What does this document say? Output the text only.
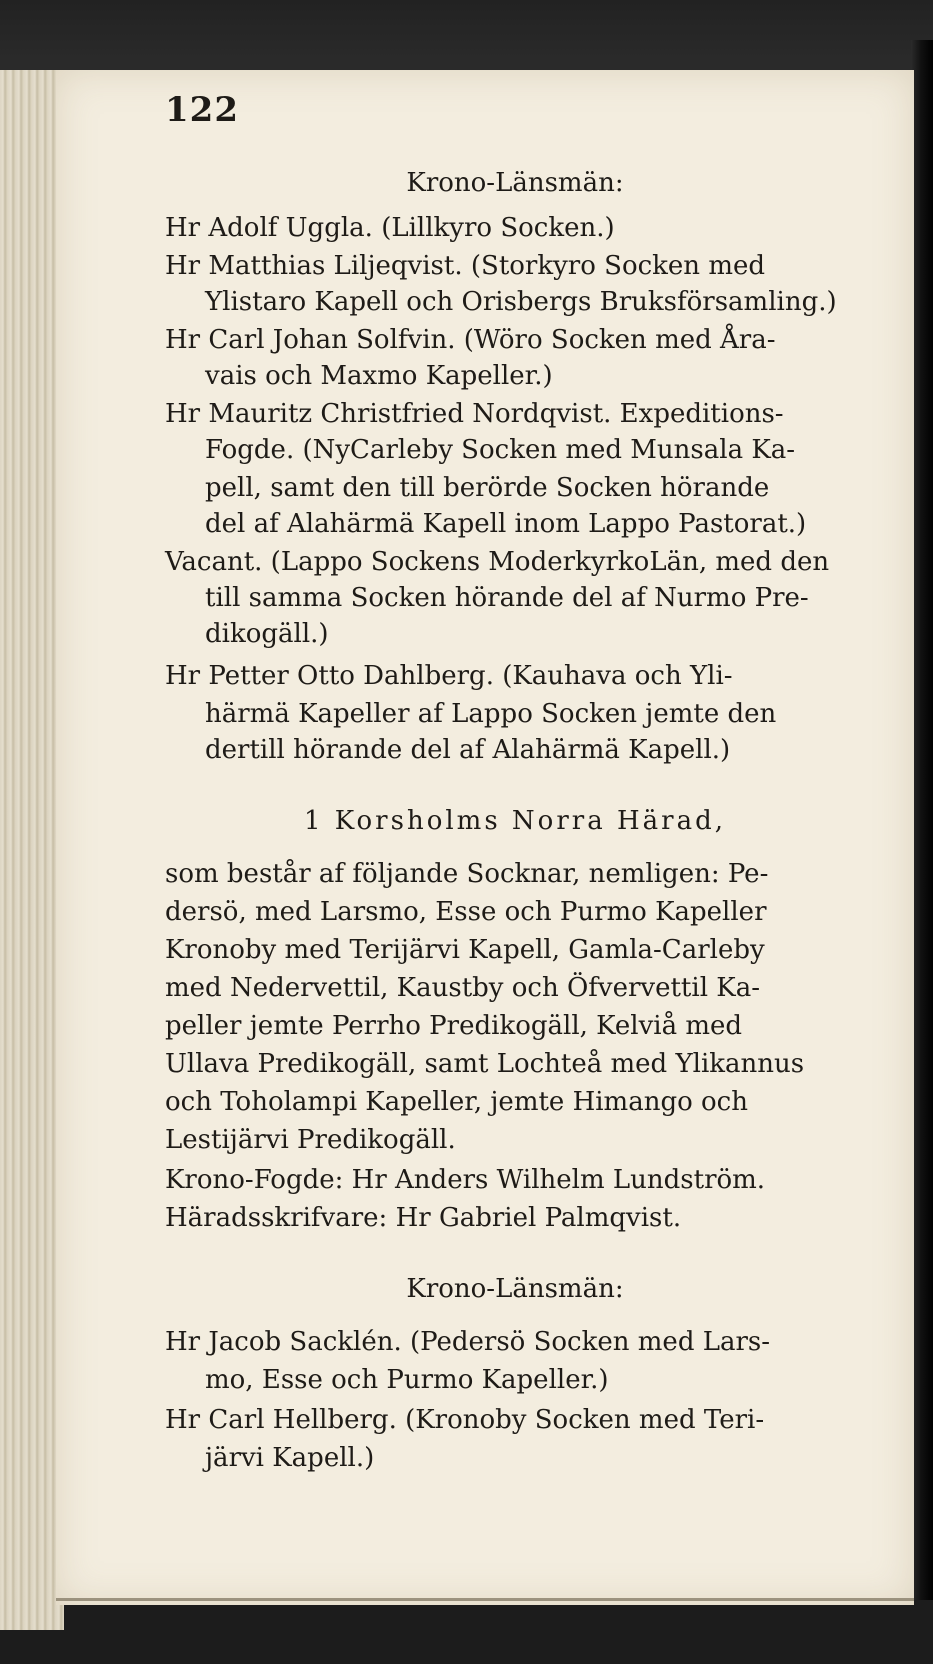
122
Krono-Länsmän:
Hr Adolf Uggla. (Lillkyro Socken.)
Hr Matthias Liljeqvist. (Storkyro Socken med
Ylistaro Kapell och Orisbergs Bruksförsamling.)
Hr Carl Johan Solfvin. (Wöro Socken med Åra-
vais och Maxmo Kapeller.)
Hr Mauritz Christfried Nordqvist. Expeditions-
Fogde. (NyCarleby Socken med Munsala Ka-
pell, samt den till berörde Socken hörande
del af Alahärmä Kapell inom Lappo Pastorat.)
Vacant. (Lappo Sockens ModerkyrkoLän, med den
till samma Socken hörande del af Nurmo Pre-
dikogäll.)
Hr Petter Otto Dahlberg. (Kauhava och Yli-
härmä Kapeller af Lappo Socken jemte den
dertill hörande del af Alahärmä Kapell.)
1 Korsholms Norra Härad,
som består af följande Socknar, nemligen: Pe-
dersö, med Larsmo, Esse och Purmo Kapeller
Kronoby med Terijärvi Kapell, Gamla-Carleby
med Nedervettil, Kaustby och Öfvervettil Ka-
peller jemte Perrho Predikogäll, Kelviå med
Ullava Predikogäll, samt Lochteå med Ylikannus
och Toholampi Kapeller, jemte Himango och
Lestijärvi Predikogäll.
Krono-Fogde: Hr Anders Wilhelm Lundström.
Häradsskrifvare: Hr Gabriel Palmqvist.
Krono-Länsmän:
Hr Jacob Sacklén. (Pedersö Socken med Lars-
mo, Esse och Purmo Kapeller.)
Hr Carl Hellberg. (Kronoby Socken med Teri-
järvi Kapell.)
